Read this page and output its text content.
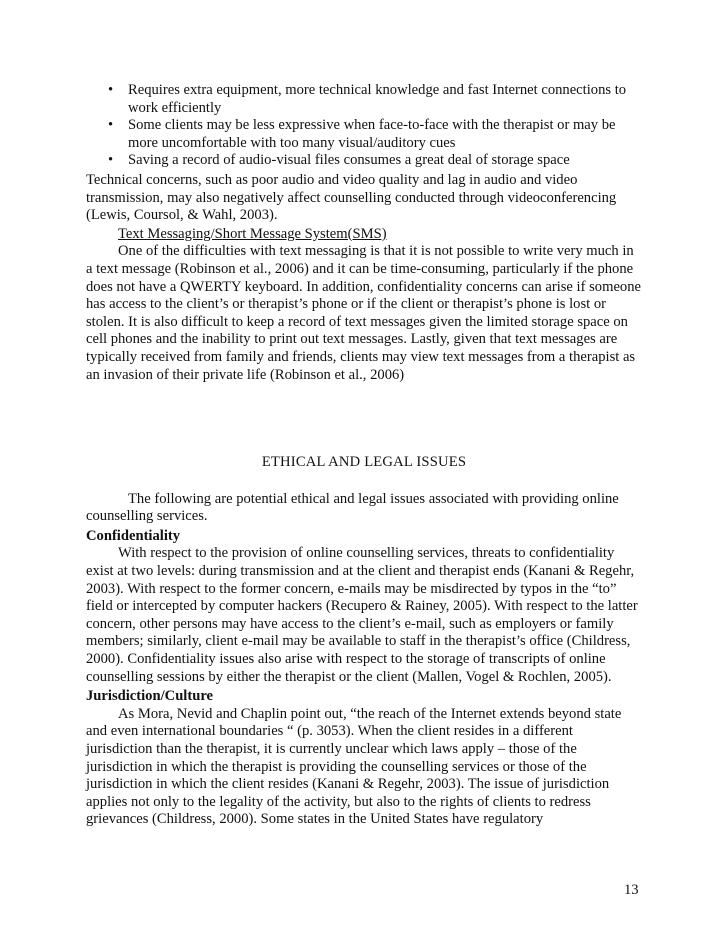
• Requires extra equipment, more technical knowledge and fast Internet connections to work efficiently
• Some clients may be less expressive when face-to-face with the therapist or may be more uncomfortable with too many visual/auditory cues
• Saving a record of audio-visual files consumes a great deal of storage space

Technical concerns, such as poor audio and video quality and lag in audio and video transmission, may also negatively affect counselling conducted through videoconferencing (Lewis, Coursol, & Wahl, 2003).

Text Messaging/Short Message System(SMS)

One of the difficulties with text messaging is that it is not possible to write very much in a text message (Robinson et al., 2006) and it can be time-consuming, particularly if the phone does not have a QWERTY keyboard. In addition, confidentiality concerns can arise if someone has access to the client’s or therapist’s phone or if the client or therapist’s phone is lost or stolen. It is also difficult to keep a record of text messages given the limited storage space on cell phones and the inability to print out text messages. Lastly, given that text messages are typically received from family and friends, clients may view text messages from a therapist as an invasion of their private life (Robinson et al., 2006)

ETHICAL AND LEGAL ISSUES

The following are potential ethical and legal issues associated with providing online counselling services.

Confidentiality

With respect to the provision of online counselling services, threats to confidentiality exist at two levels: during transmission and at the client and therapist ends (Kanani & Regehr, 2003). With respect to the former concern, e-mails may be misdirected by typos in the “to” field or intercepted by computer hackers (Recupero & Rainey, 2005). With respect to the latter concern, other persons may have access to the client’s e-mail, such as employers or family members; similarly, client e-mail may be available to staff in the therapist’s office (Childress, 2000). Confidentiality issues also arise with respect to the storage of transcripts of online counselling sessions by either the therapist or the client (Mallen, Vogel & Rochlen, 2005).

Jurisdiction/Culture

As Mora, Nevid and Chaplin point out, “the reach of the Internet extends beyond state and even international boundaries “ (p. 3053). When the client resides in a different jurisdiction than the therapist, it is currently unclear which laws apply – those of the jurisdiction in which the therapist is providing the counselling services or those of the jurisdiction in which the client resides (Kanani & Regehr, 2003). The issue of jurisdiction applies not only to the legality of the activity, but also to the rights of clients to redress grievances (Childress, 2000). Some states in the United States have regulatory

13
